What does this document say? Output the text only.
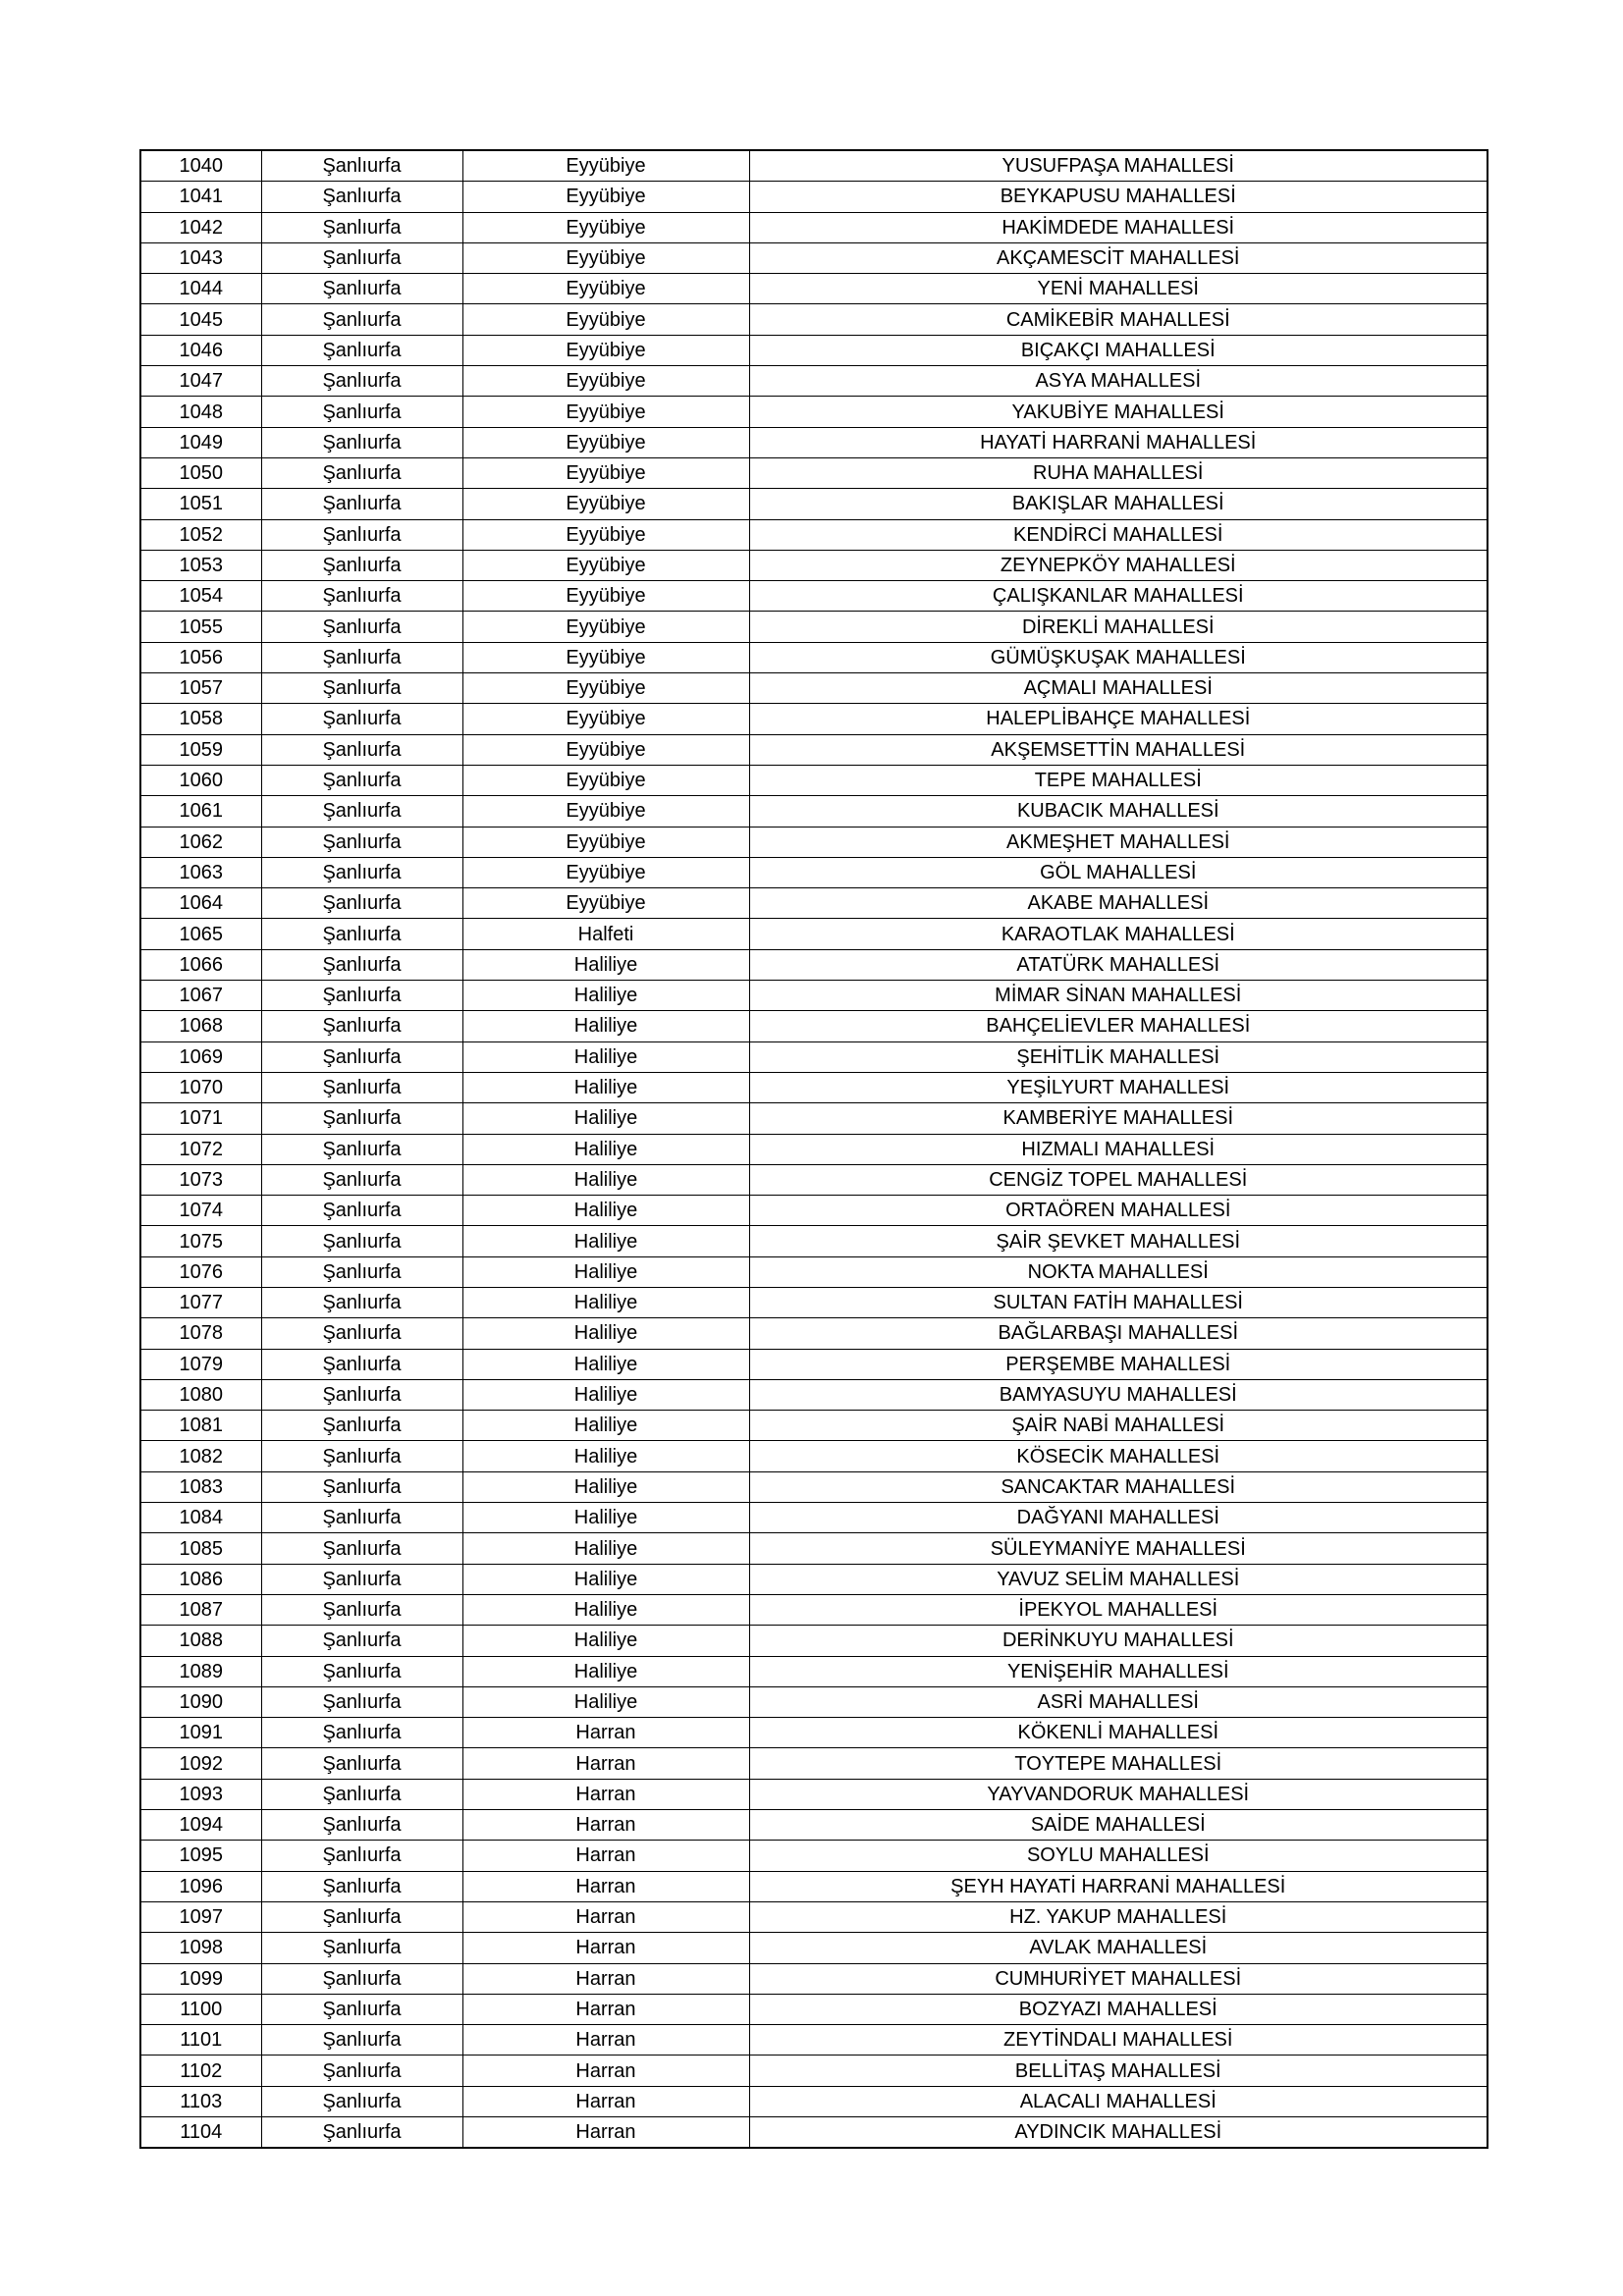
1040	Şanlıurfa	Eyyübiye	YUSUFPAŞA MAHALLESİ
1041	Şanlıurfa	Eyyübiye	BEYKAPUSU MAHALLESİ
1042	Şanlıurfa	Eyyübiye	HAKİMDEDE MAHALLESİ
1043	Şanlıurfa	Eyyübiye	AKÇAMESCİT MAHALLESİ
1044	Şanlıurfa	Eyyübiye	YENİ MAHALLESİ
1045	Şanlıurfa	Eyyübiye	CAMİKEBİR MAHALLESİ
1046	Şanlıurfa	Eyyübiye	BIÇAKÇI MAHALLESİ
1047	Şanlıurfa	Eyyübiye	ASYA MAHALLESİ
1048	Şanlıurfa	Eyyübiye	YAKUBİYE MAHALLESİ
1049	Şanlıurfa	Eyyübiye	HAYATİ HARRANİ MAHALLESİ
1050	Şanlıurfa	Eyyübiye	RUHA MAHALLESİ
1051	Şanlıurfa	Eyyübiye	BAKIŞLAR MAHALLESİ
1052	Şanlıurfa	Eyyübiye	KENDİRCİ MAHALLESİ
1053	Şanlıurfa	Eyyübiye	ZEYNEPKÖY MAHALLESİ
1054	Şanlıurfa	Eyyübiye	ÇALIŞKANLAR MAHALLESİ
1055	Şanlıurfa	Eyyübiye	DİREKLİ MAHALLESİ
1056	Şanlıurfa	Eyyübiye	GÜMÜŞKUŞAK MAHALLESİ
1057	Şanlıurfa	Eyyübiye	AÇMALI MAHALLESİ
1058	Şanlıurfa	Eyyübiye	HALEPLİBAHÇE MAHALLESİ
1059	Şanlıurfa	Eyyübiye	AKŞEMSETTİN MAHALLESİ
1060	Şanlıurfa	Eyyübiye	TEPE MAHALLESİ
1061	Şanlıurfa	Eyyübiye	KUBACIK MAHALLESİ
1062	Şanlıurfa	Eyyübiye	AKMEŞHET MAHALLESİ
1063	Şanlıurfa	Eyyübiye	GÖL MAHALLESİ
1064	Şanlıurfa	Eyyübiye	AKABE MAHALLESİ
1065	Şanlıurfa	Halfeti	KARAOTLAK MAHALLESİ
1066	Şanlıurfa	Haliliye	ATATÜRK MAHALLESİ
1067	Şanlıurfa	Haliliye	MİMAR SİNAN MAHALLESİ
1068	Şanlıurfa	Haliliye	BAHÇELİEVLER MAHALLESİ
1069	Şanlıurfa	Haliliye	ŞEHİTLİK MAHALLESİ
1070	Şanlıurfa	Haliliye	YEŞİLYURT MAHALLESİ
1071	Şanlıurfa	Haliliye	KAMBERİYE MAHALLESİ
1072	Şanlıurfa	Haliliye	HIZMALI MAHALLESİ
1073	Şanlıurfa	Haliliye	CENGİZ TOPEL MAHALLESİ
1074	Şanlıurfa	Haliliye	ORTAÖREN MAHALLESİ
1075	Şanlıurfa	Haliliye	ŞAİR ŞEVKET MAHALLESİ
1076	Şanlıurfa	Haliliye	NOKTA MAHALLESİ
1077	Şanlıurfa	Haliliye	SULTAN FATİH MAHALLESİ
1078	Şanlıurfa	Haliliye	BAĞLARBAŞI MAHALLESİ
1079	Şanlıurfa	Haliliye	PERŞEMBE MAHALLESİ
1080	Şanlıurfa	Haliliye	BAMYASUYU MAHALLESİ
1081	Şanlıurfa	Haliliye	ŞAİR NABİ MAHALLESİ
1082	Şanlıurfa	Haliliye	KÖSECİK MAHALLESİ
1083	Şanlıurfa	Haliliye	SANCAKTAR MAHALLESİ
1084	Şanlıurfa	Haliliye	DAĞYANI MAHALLESİ
1085	Şanlıurfa	Haliliye	SÜLEYMANİYE MAHALLESİ
1086	Şanlıurfa	Haliliye	YAVUZ SELİM MAHALLESİ
1087	Şanlıurfa	Haliliye	İPEKYOL MAHALLESİ
1088	Şanlıurfa	Haliliye	DERİNKUYU MAHALLESİ
1089	Şanlıurfa	Haliliye	YENİŞEHİR MAHALLESİ
1090	Şanlıurfa	Haliliye	ASRİ MAHALLESİ
1091	Şanlıurfa	Harran	KÖKENLİ MAHALLESİ
1092	Şanlıurfa	Harran	TOYTEPE MAHALLESİ
1093	Şanlıurfa	Harran	YAYVANDORUK MAHALLESİ
1094	Şanlıurfa	Harran	SAİDE MAHALLESİ
1095	Şanlıurfa	Harran	SOYLU MAHALLESİ
1096	Şanlıurfa	Harran	ŞEYH HAYATİ HARRANİ MAHALLESİ
1097	Şanlıurfa	Harran	HZ. YAKUP MAHALLESİ
1098	Şanlıurfa	Harran	AVLAK MAHALLESİ
1099	Şanlıurfa	Harran	CUMHURİYET MAHALLESİ
1100	Şanlıurfa	Harran	BOZYAZI MAHALLESİ
1101	Şanlıurfa	Harran	ZEYTİNDALI MAHALLESİ
1102	Şanlıurfa	Harran	BELLİTAŞ MAHALLESİ
1103	Şanlıurfa	Harran	ALACALI MAHALLESİ
1104	Şanlıurfa	Harran	AYDINCIK MAHALLESİ
